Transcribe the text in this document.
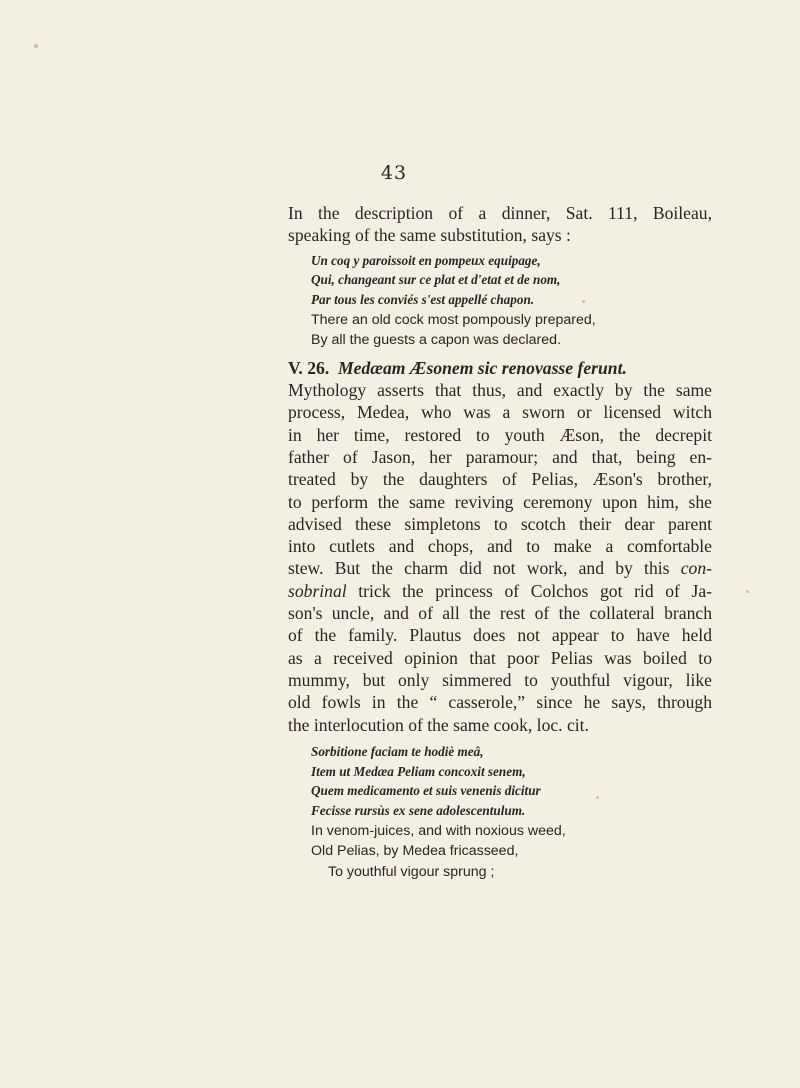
43
In the description of a dinner, Sat. 111, Boileau,
speaking of the same substitution, says :
Un coq y paroissoit en pompeux equipage,
Qui, changeant sur ce plat et d'etat et de nom,
Par tous les conviés s'est appellé chapon.
There an old cock most pompously prepared,
By all the guests a capon was declared.
V. 26. Medæam Æsonem sic renovasse ferunt.
Mythology asserts that thus, and exactly by the same
process, Medea, who was a sworn or licensed witch
in her time, restored to youth Æson, the decrepit
father of Jason, her paramour; and that, being en-
treated by the daughters of Pelias, Æson's brother,
to perform the same reviving ceremony upon him, she
advised these simpletons to scotch their dear parent
into cutlets and chops, and to make a comfortable
stew. But the charm did not work, and by this con-
sobrinal trick the princess of Colchos got rid of Ja-
son's uncle, and of all the rest of the collateral branch
of the family. Plautus does not appear to have held
as a received opinion that poor Pelias was boiled to
mummy, but only simmered to youthful vigour, like
old fowls in the “ casserole,” since he says, through
the interlocution of the same cook, loc. cit.
Sorbitione faciam te hodiè meâ,
Item ut Medæa Peliam concoxit senem,
Quem medicamento et suis venenis dicitur
Fecisse rursùs ex sene adolescentulum.
In venom-juices, and with noxious weed,
Old Pelias, by Medea fricasseed,
To youthful vigour sprung ;
